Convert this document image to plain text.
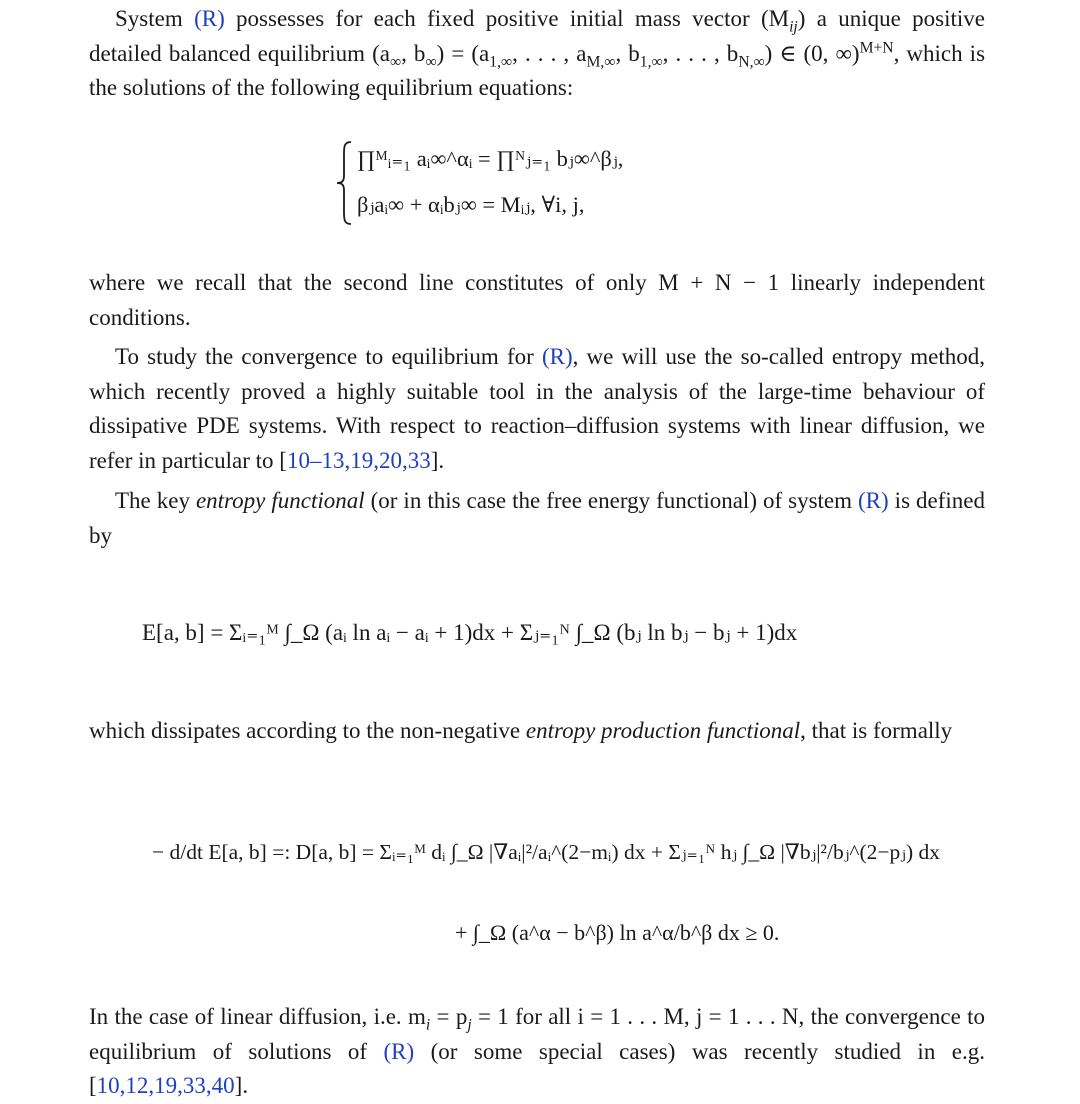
System (R) possesses for each fixed positive initial mass vector $(M_{ij})$ a unique positive detailed balanced equilibrium ($a_\infty$, $b_\infty) = (a_{1,\infty}$, . . . , $a_{M,\infty}$, $b_{1,\infty}$, . . . , $b_{N,\infty}$) ∈ (0, ∞)$^{M+N}$, which is the solutions of the following equilibrium equations:
∏ᴹᵢ₌₁ aᵢ∞^αᵢ = ∏ᴺⱼ₌₁ bⱼ∞^βⱼ,
βⱼaᵢ∞ + αᵢbⱼ∞ = Mᵢⱼ, ∀i, j,
where we recall that the second line constitutes of only M + N − 1 linearly independent conditions.
To study the convergence to equilibrium for (R), we will use the so-called entropy method, which recently proved a highly suitable tool in the analysis of the large-time behaviour of dissipative PDE systems. With respect to reaction–diffusion systems with linear diffusion, we refer in particular to [10–13,19,20,33].
The key entropy functional (or in this case the free energy functional) of system (R) is defined by
E[a, b] = Σᵢ₌₁ᴹ ∫_Ω (aᵢ ln aᵢ − aᵢ + 1)dx + Σⱼ₌₁ᴺ ∫_Ω (bⱼ ln bⱼ − bⱼ + 1)dx
which dissipates according to the non-negative entropy production functional, that is formally
− d/dt E[a, b] =: D[a, b] = Σᵢ₌₁ᴹ dᵢ ∫_Ω |∇aᵢ|²/aᵢ^(2−mᵢ) dx + Σⱼ₌₁ᴺ hⱼ ∫_Ω |∇bⱼ|²/bⱼ^(2−pⱼ) dx
+ ∫_Ω (a^α − b^β) ln a^α/b^β dx ≥ 0.
In the case of linear diffusion, i.e. $m_i = p_j = 1$ for all i = 1 . . . M, j = 1 . . . N, the convergence to equilibrium of solutions of (R) (or some special cases) was recently studied in e.g. [10,12,19,33,40].
